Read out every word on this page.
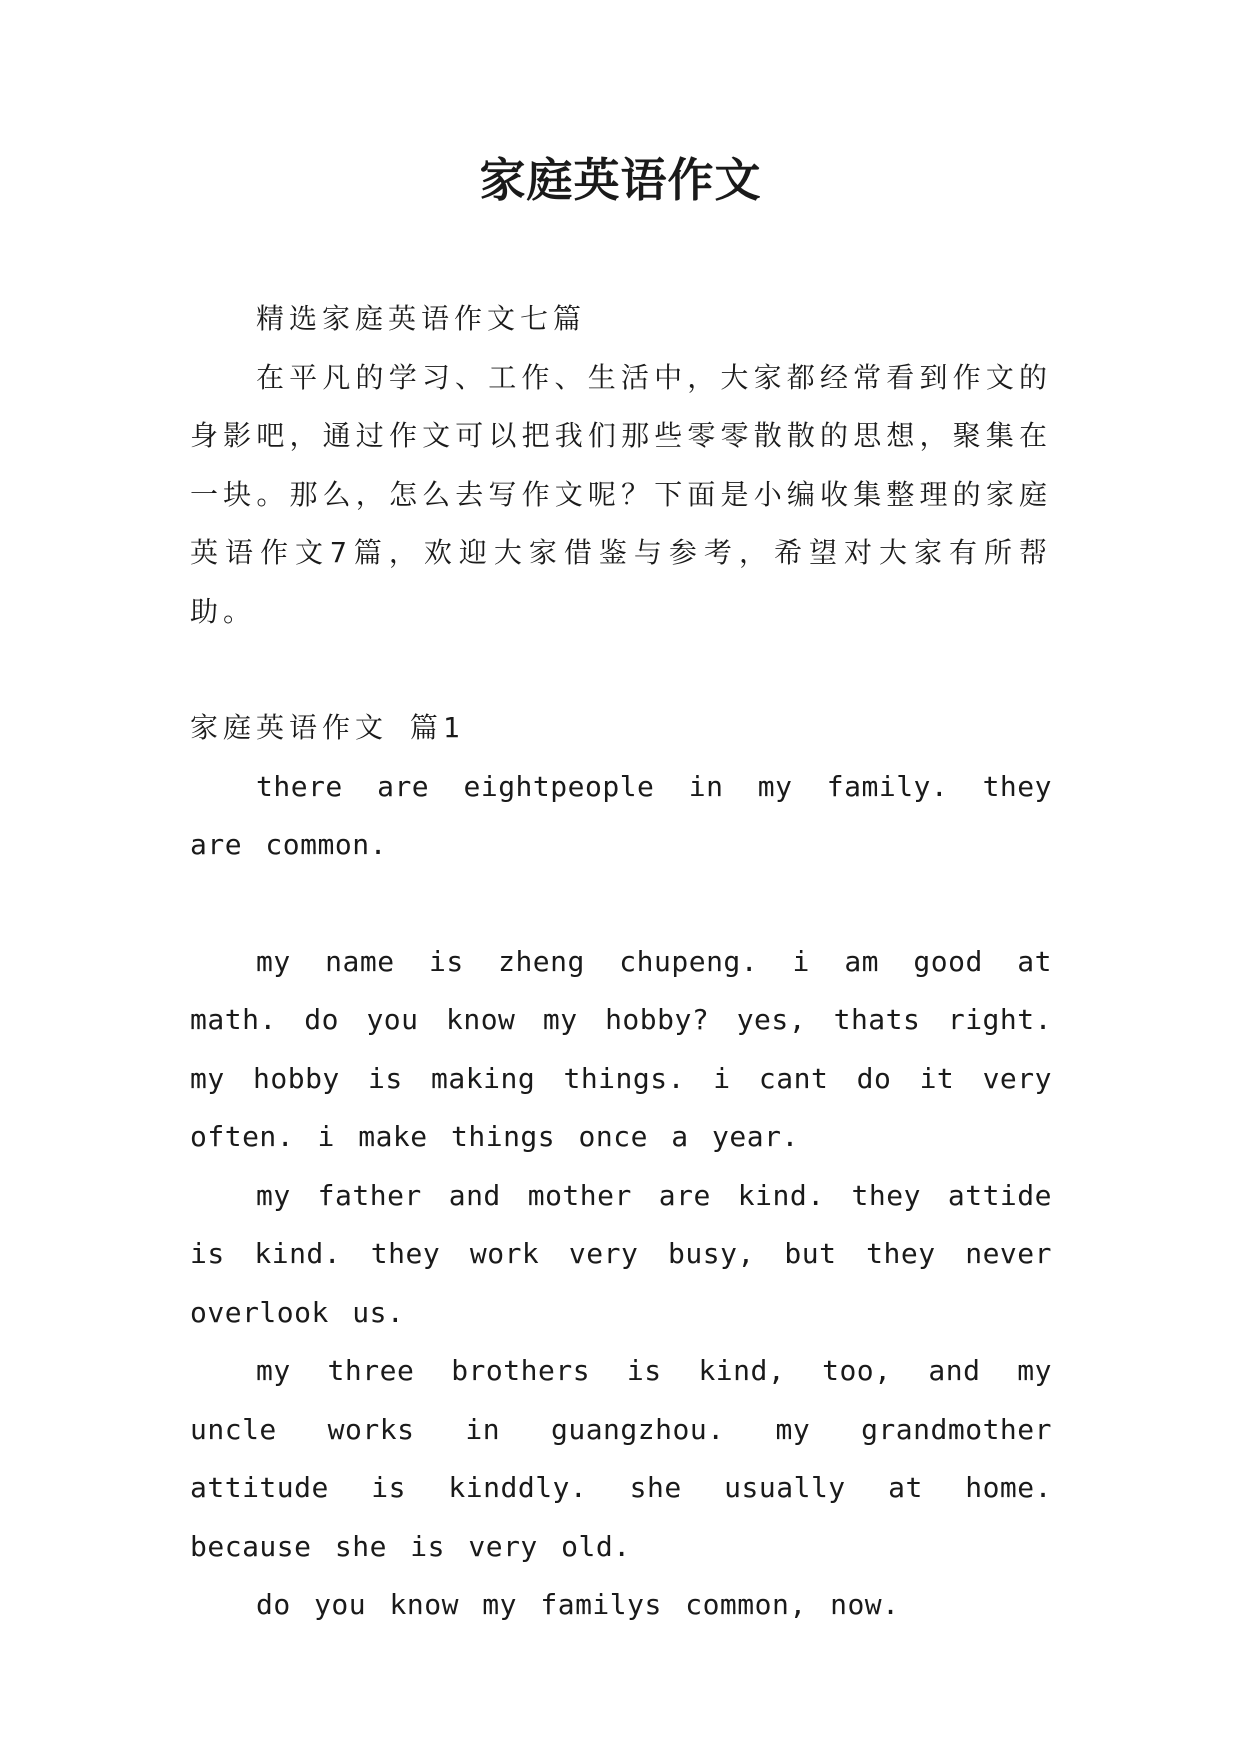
家庭英语作文

精选家庭英语作文七篇

在平凡的学习、工作、生活中，大家都经常看到作文的身影吧，通过作文可以把我们那些零零散散的思想，聚集在一块。那么，怎么去写作文呢？下面是小编收集整理的家庭英语作文7篇，欢迎大家借鉴与参考，希望对大家有所帮助。

家庭英语作文 篇1

there are eightpeople in my family. they are common.

my name is zheng chupeng. i am good at math. do you know my hobby? yes, thats right. my hobby is making things. i cant do it very often. i make things once a year.

my father and mother are kind. they attide is kind. they work very busy, but they never overlook us.

my three brothers is kind, too, and my uncle works in guangzhou. my grandmother attitude is kinddly. she usually at home. because she is very old.

do you know my familys common, now.
